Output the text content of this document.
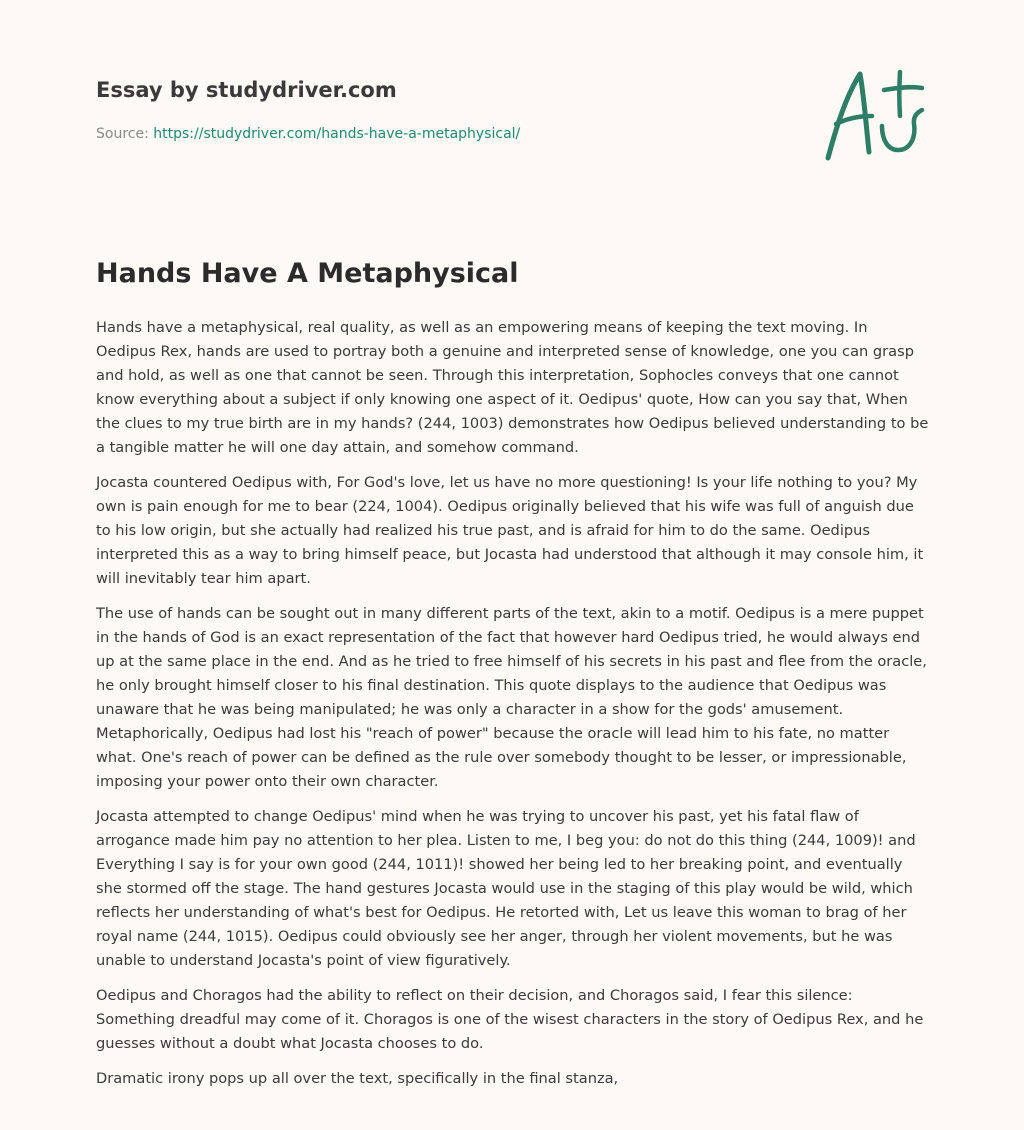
Essay by studydriver.com
Source: https://studydriver.com/hands-have-a-metaphysical/
Hands Have A Metaphysical

Hands have a metaphysical, real quality, as well as an empowering means of keeping the text moving. In Oedipus Rex, hands are used to portray both a genuine and interpreted sense of knowledge, one you can grasp and hold, as well as one that cannot be seen. Through this interpretation, Sophocles conveys that one cannot know everything about a subject if only knowing one aspect of it. Oedipus' quote, How can you say that, When the clues to my true birth are in my hands? (244, 1003) demonstrates how Oedipus believed understanding to be a tangible matter he will one day attain, and somehow command.

Jocasta countered Oedipus with, For God's love, let us have no more questioning! Is your life nothing to you? My own is pain enough for me to bear (224, 1004). Oedipus originally believed that his wife was full of anguish due to his low origin, but she actually had realized his true past, and is afraid for him to do the same. Oedipus interpreted this as a way to bring himself peace, but Jocasta had understood that although it may console him, it will inevitably tear him apart.

The use of hands can be sought out in many different parts of the text, akin to a motif. Oedipus is a mere puppet in the hands of God is an exact representation of the fact that however hard Oedipus tried, he would always end up at the same place in the end. And as he tried to free himself of his secrets in his past and flee from the oracle, he only brought himself closer to his final destination. This quote displays to the audience that Oedipus was unaware that he was being manipulated; he was only a character in a show for the gods' amusement. Metaphorically, Oedipus had lost his "reach of power" because the oracle will lead him to his fate, no matter what. One's reach of power can be defined as the rule over somebody thought to be lesser, or impressionable, imposing your power onto their own character.

Jocasta attempted to change Oedipus' mind when he was trying to uncover his past, yet his fatal flaw of arrogance made him pay no attention to her plea. Listen to me, I beg you: do not do this thing (244, 1009)! and Everything I say is for your own good (244, 1011)! showed her being led to her breaking point, and eventually she stormed off the stage. The hand gestures Jocasta would use in the staging of this play would be wild, which reflects her understanding of what's best for Oedipus. He retorted with, Let us leave this woman to brag of her royal name (244, 1015). Oedipus could obviously see her anger, through her violent movements, but he was unable to understand Jocasta's point of view figuratively.

Oedipus and Choragos had the ability to reflect on their decision, and Choragos said, I fear this silence: Something dreadful may come of it. Choragos is one of the wisest characters in the story of Oedipus Rex, and he guesses without a doubt what Jocasta chooses to do.

Dramatic irony pops up all over the text, specifically in the final stanza,
